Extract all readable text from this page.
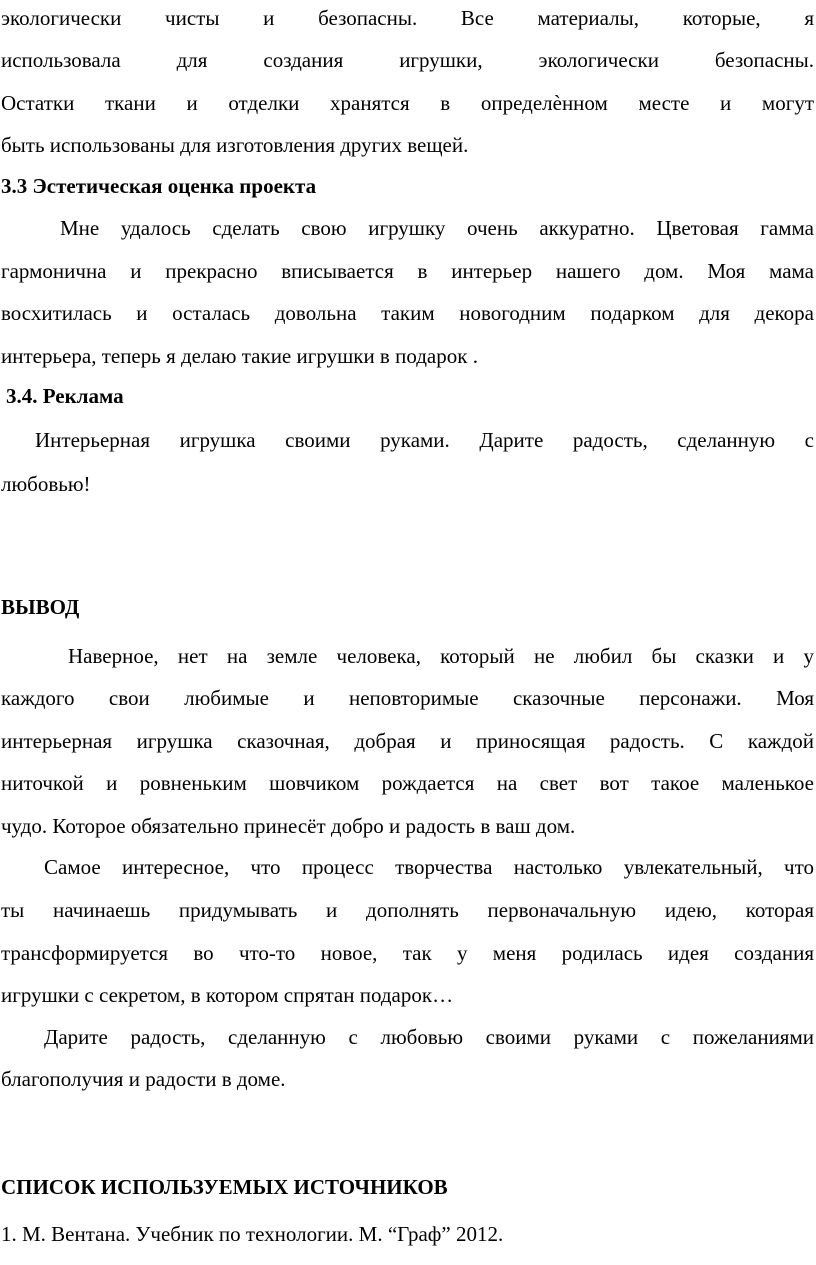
экологически чисты и безопасны. Все материалы, которые, я
использовала для создания игрушки, экологически безопасны.
Остатки ткани и отделки хранятся в определѐнном месте и могут
быть использованы для изготовления других вещей.
3.3 Эстетическая оценка проекта
Мне удалось сделать свою игрушку очень аккуратно. Цветовая гамма
гармонична и прекрасно вписывается в интерьер нашего дом. Моя мама
восхитилась и осталась довольна таким новогодним подарком для декора
интерьера, теперь я делаю такие игрушки в подарок .
3.4. Реклама
Интерьерная игрушка своими руками. Дарите радость, сделанную с
любовью!
ВЫВОД
Наверное, нет на земле человека, который не любил бы сказки и у
каждого свои любимые и неповторимые сказочные персонажи. Моя
интерьерная игрушка сказочная, добрая и приносящая радость. С каждой
ниточкой и ровненьким шовчиком рождается на свет вот такое маленькое
чудо. Которое обязательно принесёт добро и радость в ваш дом.
Самое интересное, что процесс творчества настолько увлекательный, что
ты начинаешь придумывать и дополнять первоначальную идею, которая
трансформируется во что-то новое, так у меня родилась идея создания
игрушки с секретом, в котором спрятан подарок…
Дарите радость, сделанную с любовью своими руками с пожеланиями
благополучия и радости в доме.
СПИСОК ИСПОЛЬЗУЕМЫХ ИСТОЧНИКОВ
1. М. Вентана. Учебник по технологии. М. “Граф” 2012.
